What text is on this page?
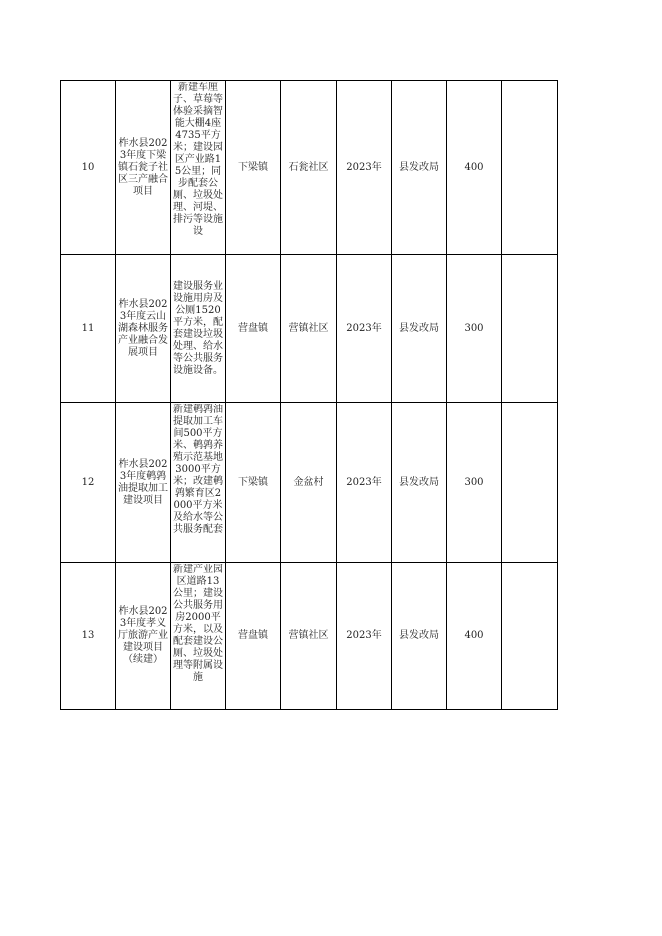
10	柞水县2023年度下梁镇石瓮子社区三产融合项目	新建车厘子、草莓等体验采摘智能大棚4座4735平方米；建设园区产业路15公里；同步配套公厕、垃圾处理、河堤、排污等设施设	下梁镇	石瓮社区	2023年	县发改局	400	
11	柞水县2023年度云山湖森林服务产业融合发展项目	建设服务业设施用房及公厕1520平方米，配套建设垃圾处理、给水等公共服务设施设备。	营盘镇	营镇社区	2023年	县发改局	300	
12	柞水县2023年度鹌鹑油提取加工建设项目	新建鹌鹑油提取加工车间500平方米、鹌鹑养殖示范基地3000平方米；改建鹌鹑繁育区2000平方米及给水等公共服务配套	下梁镇	金盆村	2023年	县发改局	300	
13	柞水县2023年度孝义厅旅游产业建设项目（续建）	新建产业园区道路13公里；建设公共服务用房2000平方米，以及配套建设公厕、垃圾处理等附属设施	营盘镇	营镇社区	2023年	县发改局	400	
